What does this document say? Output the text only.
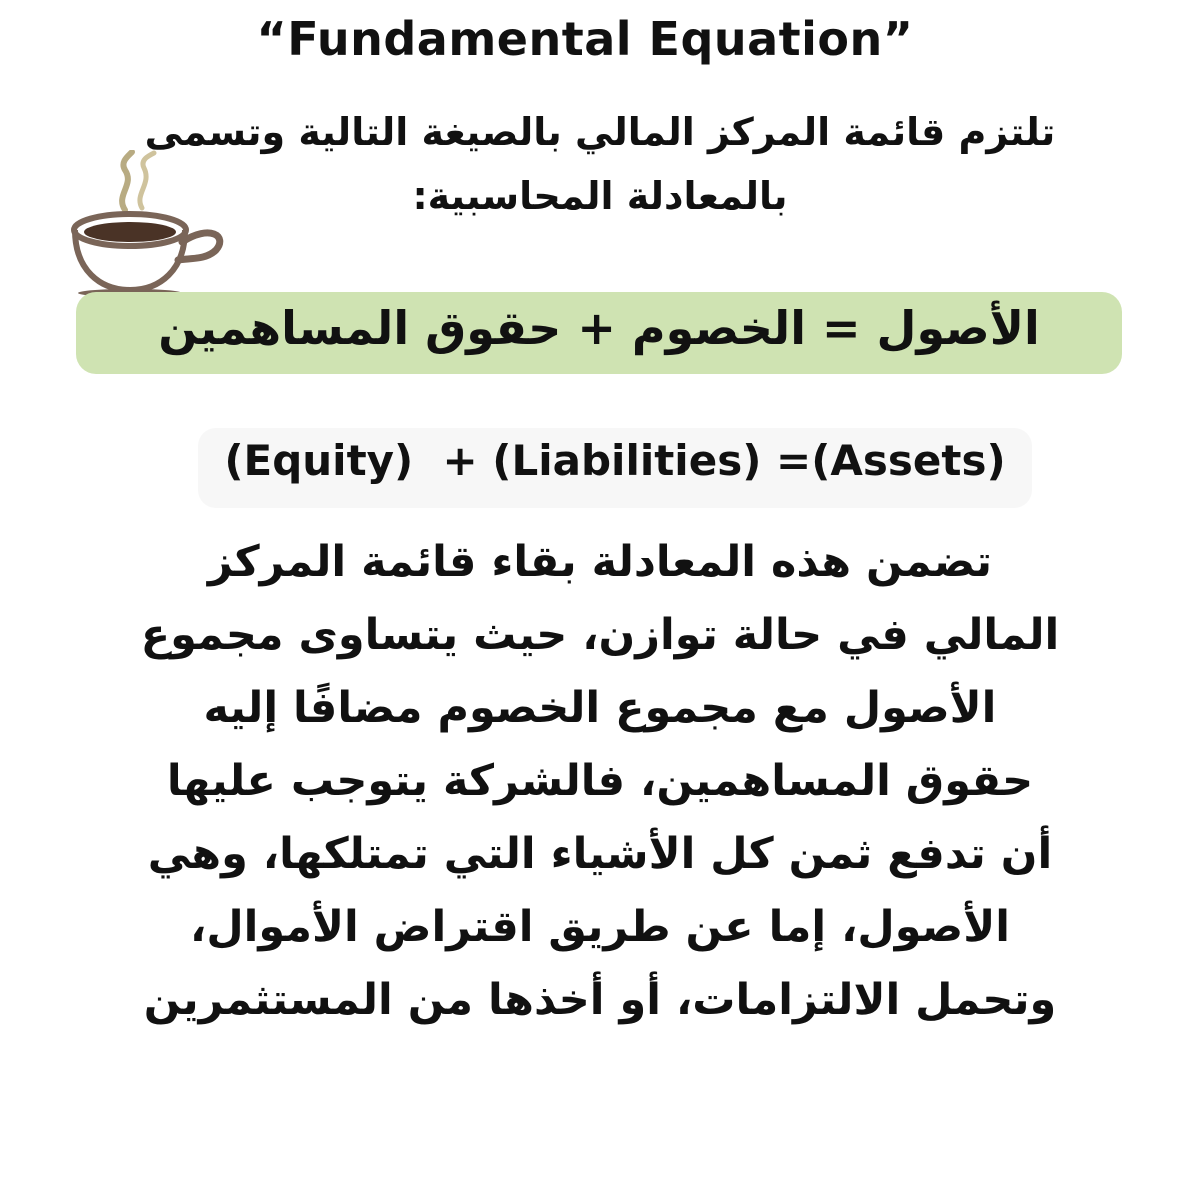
“Fundamental Equation”
تلتزم قائمة المركز المالي بالصيغة التالية وتسمى
بالمعادلة المحاسبية:
الأصول = الخصوم + حقوق المساهمين
(Equity)  + (Liabilities) =(Assets)
تضمن هذه المعادلة بقاء قائمة المركز
المالي في حالة توازن، حيث يتساوى مجموع
الأصول مع مجموع الخصوم مضافًا إليه
حقوق المساهمين، فالشركة يتوجب عليها
أن تدفع ثمن كل الأشياء التي تمتلكها، وهي
الأصول، إما عن طريق اقتراض الأموال،
وتحمل الالتزامات، أو أخذها من المستثمرين
